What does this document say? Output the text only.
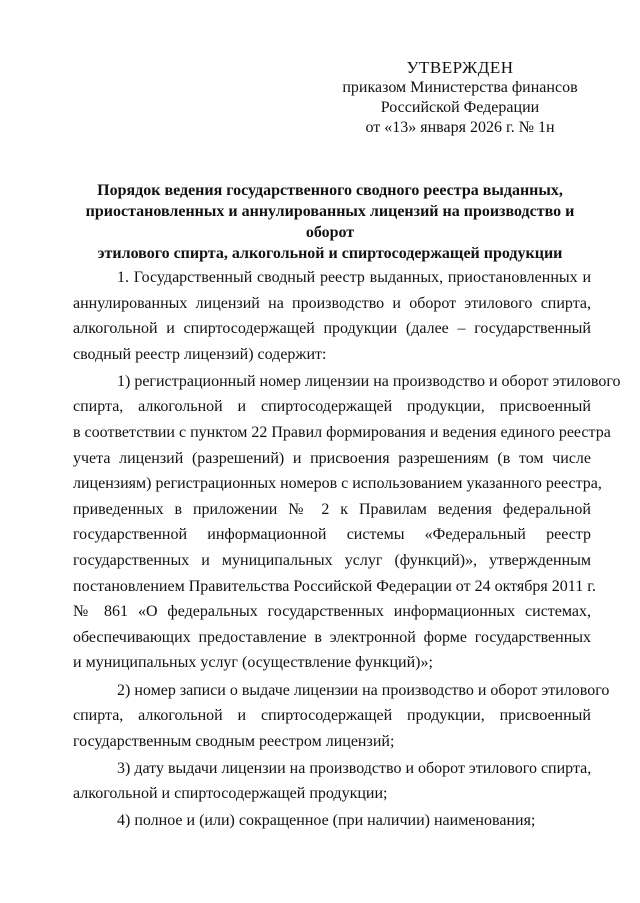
УТВЕРЖДЕН
приказом Министерства финансов
Российской Федерации
от «13» января 2026 г. № 1н
Порядок ведения государственного сводного реестра выданных,
приостановленных и аннулированных лицензий на производство и оборот
этилового спирта, алкогольной и спиртосодержащей продукции
1. Государственный сводный реестр выданных, приостановленных и
аннулированных лицензий на производство и оборот этилового спирта,
алкогольной и спиртосодержащей продукции (далее – государственный
сводный реестр лицензий) содержит:
1) регистрационный номер лицензии на производство и оборот этилового
спирта, алкогольной и спиртосодержащей продукции, присвоенный
в соответствии с пунктом 22 Правил формирования и ведения единого реестра
учета лицензий (разрешений) и присвоения разрешениям (в том числе
лицензиям) регистрационных номеров с использованием указанного реестра,
приведенных в приложении № 2 к Правилам ведения федеральной
государственной информационной системы «Федеральный реестр
государственных и муниципальных услуг (функций)», утвержденным
постановлением Правительства Российской Федерации от 24 октября 2011 г.
№ 861 «О федеральных государственных информационных системах,
обеспечивающих предоставление в электронной форме государственных
и муниципальных услуг (осуществление функций)»;
2) номер записи о выдаче лицензии на производство и оборот этилового
спирта, алкогольной и спиртосодержащей продукции, присвоенный
государственным сводным реестром лицензий;
3) дату выдачи лицензии на производство и оборот этилового спирта,
алкогольной и спиртосодержащей продукции;
4) полное и (или) сокращенное (при наличии) наименования;
